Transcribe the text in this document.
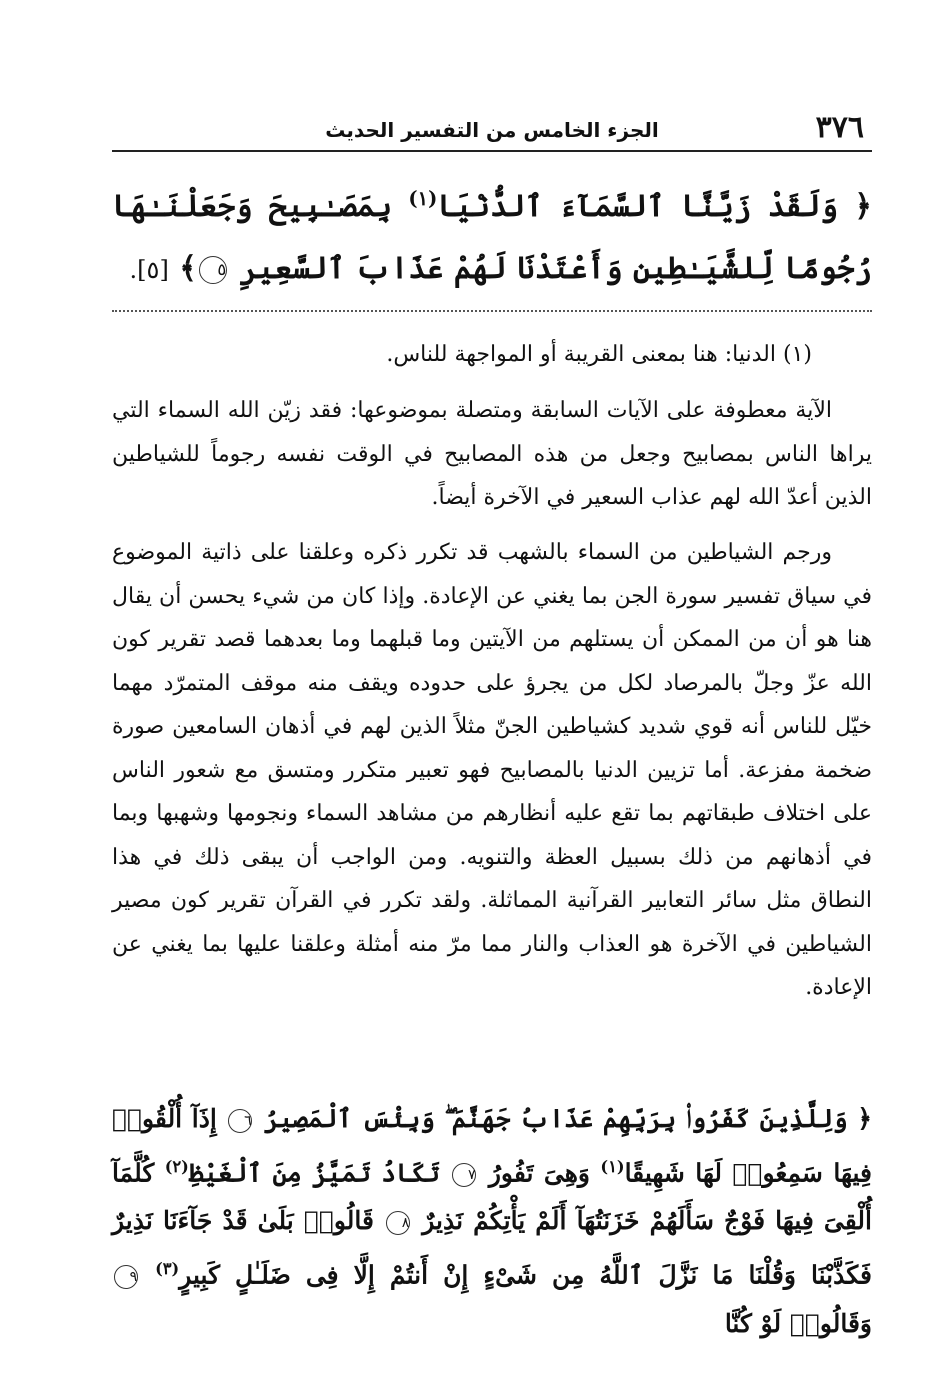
٣٧٦
الجزء الخامس من التفسير الحديث
﴿ وَلَقَدْ زَيَّنَّا ٱلسَّمَآءَ ٱلدُّنْيَا$^{(١)}$ بِمَصَـٰبِيحَ وَجَعَلْنَـٰهَا رُجُومًا لِّلشَّيَـٰطِينِ وَأَعْتَدْنَا لَهُمْ عَذَابَ ٱلسَّعِيرِ ٥﴾ [٥].
(١) الدنيا: هنا بمعنى القريبة أو المواجهة للناس.

الآية معطوفة على الآيات السابقة ومتصلة بموضوعها: فقد زيّن الله السماء التي يراها الناس بمصابيح وجعل من هذه المصابيح في الوقت نفسه رجوماً للشياطين الذين أعدّ الله لهم عذاب السعير في الآخرة أيضاً.

ورجم الشياطين من السماء بالشهب قد تكرر ذكره وعلقنا على ذاتية الموضوع في سياق تفسير سورة الجن بما يغني عن الإعادة. وإذا كان من شيء يحسن أن يقال هنا هو أن من الممكن أن يستلهم من الآيتين وما قبلهما وما بعدهما قصد تقرير كون الله عزّ وجلّ بالمرصاد لكل من يجرؤ على حدوده ويقف منه موقف المتمرّد مهما خيّل للناس أنه قوي شديد كشياطين الجنّ مثلاً الذين لهم في أذهان السامعين صورة ضخمة مفزعة. أما تزيين الدنيا بالمصابيح فهو تعبير متكرر ومتسق مع شعور الناس على اختلاف طبقاتهم بما تقع عليه أنظارهم من مشاهد السماء ونجومها وشهبها وبما في أذهانهم من ذلك بسبيل العظة والتنويه. ومن الواجب أن يبقى ذلك في هذا النطاق مثل سائر التعابير القرآنية المماثلة. ولقد تكرر في القرآن تقرير كون مصير الشياطين في الآخرة هو العذاب والنار مما مرّ منه أمثلة وعلقنا عليها بما يغني عن الإعادة.

﴿ وَلِلَّذِينَ كَفَرُوا۟ بِرَبِّهِمْ عَذَابُ جَهَنَّمَ ۖ وَبِئْسَ ٱلْمَصِيرُ ٦ إِذَآ أُلْقُوا۟ فِيهَا سَمِعُوا۟ لَهَا شَهِيقًا$^{(١)}$ وَهِىَ تَفُورُ ٧ تَكَادُ تَمَيَّزُ مِنَ ٱلْغَيْظِ$^{(٢)}$ كُلَّمَآ أُلْقِىَ فِيهَا فَوْجٌ سَأَلَهُمْ خَزَنَتُهَآ أَلَمْ يَأْتِكُمْ نَذِيرٌ ٨ قَالُوا۟ بَلَىٰ قَدْ جَآءَنَا نَذِيرٌ فَكَذَّبْنَا وَقُلْنَا مَا نَزَّلَ ٱللَّهُ مِن شَىْءٍ إِنْ أَنتُمْ إِلَّا فِى ضَلَـٰلٍ كَبِيرٍ$^{(٣)}$ ٩ وَقَالُوا۟ لَوْ كُنَّا
